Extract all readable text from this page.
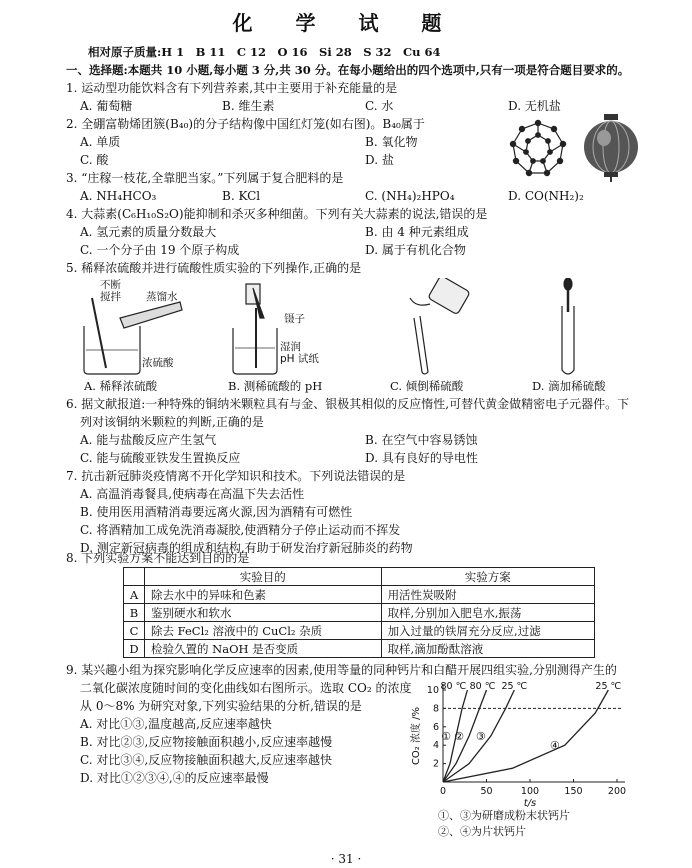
化 学 试 题
相对原子质量:H 1　B 11　C 12　O 16　Si 28　S 32　Cu 64
一、选择题:本题共 10 小题,每小题 3 分,共 30 分。在每小题给出的四个选项中,只有一项是符合题目要求的。
1. 运动型功能饮料含有下列营养素,其中主要用于补充能量的是
A. 葡萄糖	B. 维生素	C. 水	D. 无机盐
2. 全硼富勒烯团簇(B₄₀)的分子结构像中国红灯笼(如右图)。B₄₀属于
A. 单质	B. 氧化物
C. 酸	D. 盐
3. “庄稼一枝花,全靠肥当家。”下列属于复合肥料的是
A. NH₄HCO₃	B. KCl	C. (NH₄)₂HPO₄	D. CO(NH₂)₂
4. 大蒜素(C₆H₁₀S₂O)能抑制和杀灭多种细菌。下列有关大蒜素的说法,错误的是
A. 氢元素的质量分数最大	B. 由 4 种元素组成
C. 一个分子由 19 个原子构成	D. 属于有机化合物
5. 稀释浓硫酸并进行硫酸性质实验的下列操作,正确的是
不断
搅拌 蒸馏水
浓硫酸
镊子
湿润
pH 试纸
A. 稀释浓硫酸	B. 测稀硫酸的 pH	C. 倾倒稀硫酸	D. 滴加稀硫酸
6. 据文献报道:一种特殊的铜纳米颗粒具有与金、银极其相似的反应惰性,可替代黄金做精密电子元器件。下
列对该铜纳米颗粒的判断,正确的是
A. 能与盐酸反应产生氢气	B. 在空气中容易锈蚀
C. 能与硫酸亚铁发生置换反应	D. 具有良好的导电性
7. 抗击新冠肺炎疫情离不开化学知识和技术。下列说法错误的是
A. 高温消毒餐具,使病毒在高温下失去活性
B. 使用医用酒精消毒要远离火源,因为酒精有可燃性
C. 将酒精加工成免洗消毒凝胶,使酒精分子停止运动而不挥发
D. 测定新冠病毒的组成和结构,有助于研发治疗新冠肺炎的药物
8. 下列实验方案不能达到目的的是
	实验目的	实验方案
A	除去水中的异味和色素	用活性炭吸附
B	鉴别硬水和软水	取样,分别加入肥皂水,振荡
C	除去 FeCl₂ 溶液中的 CuCl₂ 杂质	加入过量的铁屑充分反应,过滤
D	检验久置的 NaOH 是否变质	取样,滴加酚酞溶液
9. 某兴趣小组为探究影响化学反应速率的因素,使用等量的同种钙片和白醋开展四组实验,分别测得产生的
二氧化碳浓度随时间的变化曲线如右图所示。选取 CO₂ 的浓度
从 0～8% 为研究对象,下列实验结果的分析,错误的是
A. 对比①③,温度越高,反应速率越快
B. 对比②③,反应物接触面积越小,反应速率越慢
C. 对比③④,反应物接触面积越大,反应速率越快
D. 对比①②③④,④的反应速率最慢
0	50	100	150	200
2
4
6
8
10
t/s
CO₂ 浓度 /% ①
80 ℃
②
80 ℃
③
25 ℃
④
25 ℃
①、③为研磨成粉末状钙片
②、④为片状钙片
· 31 ·
